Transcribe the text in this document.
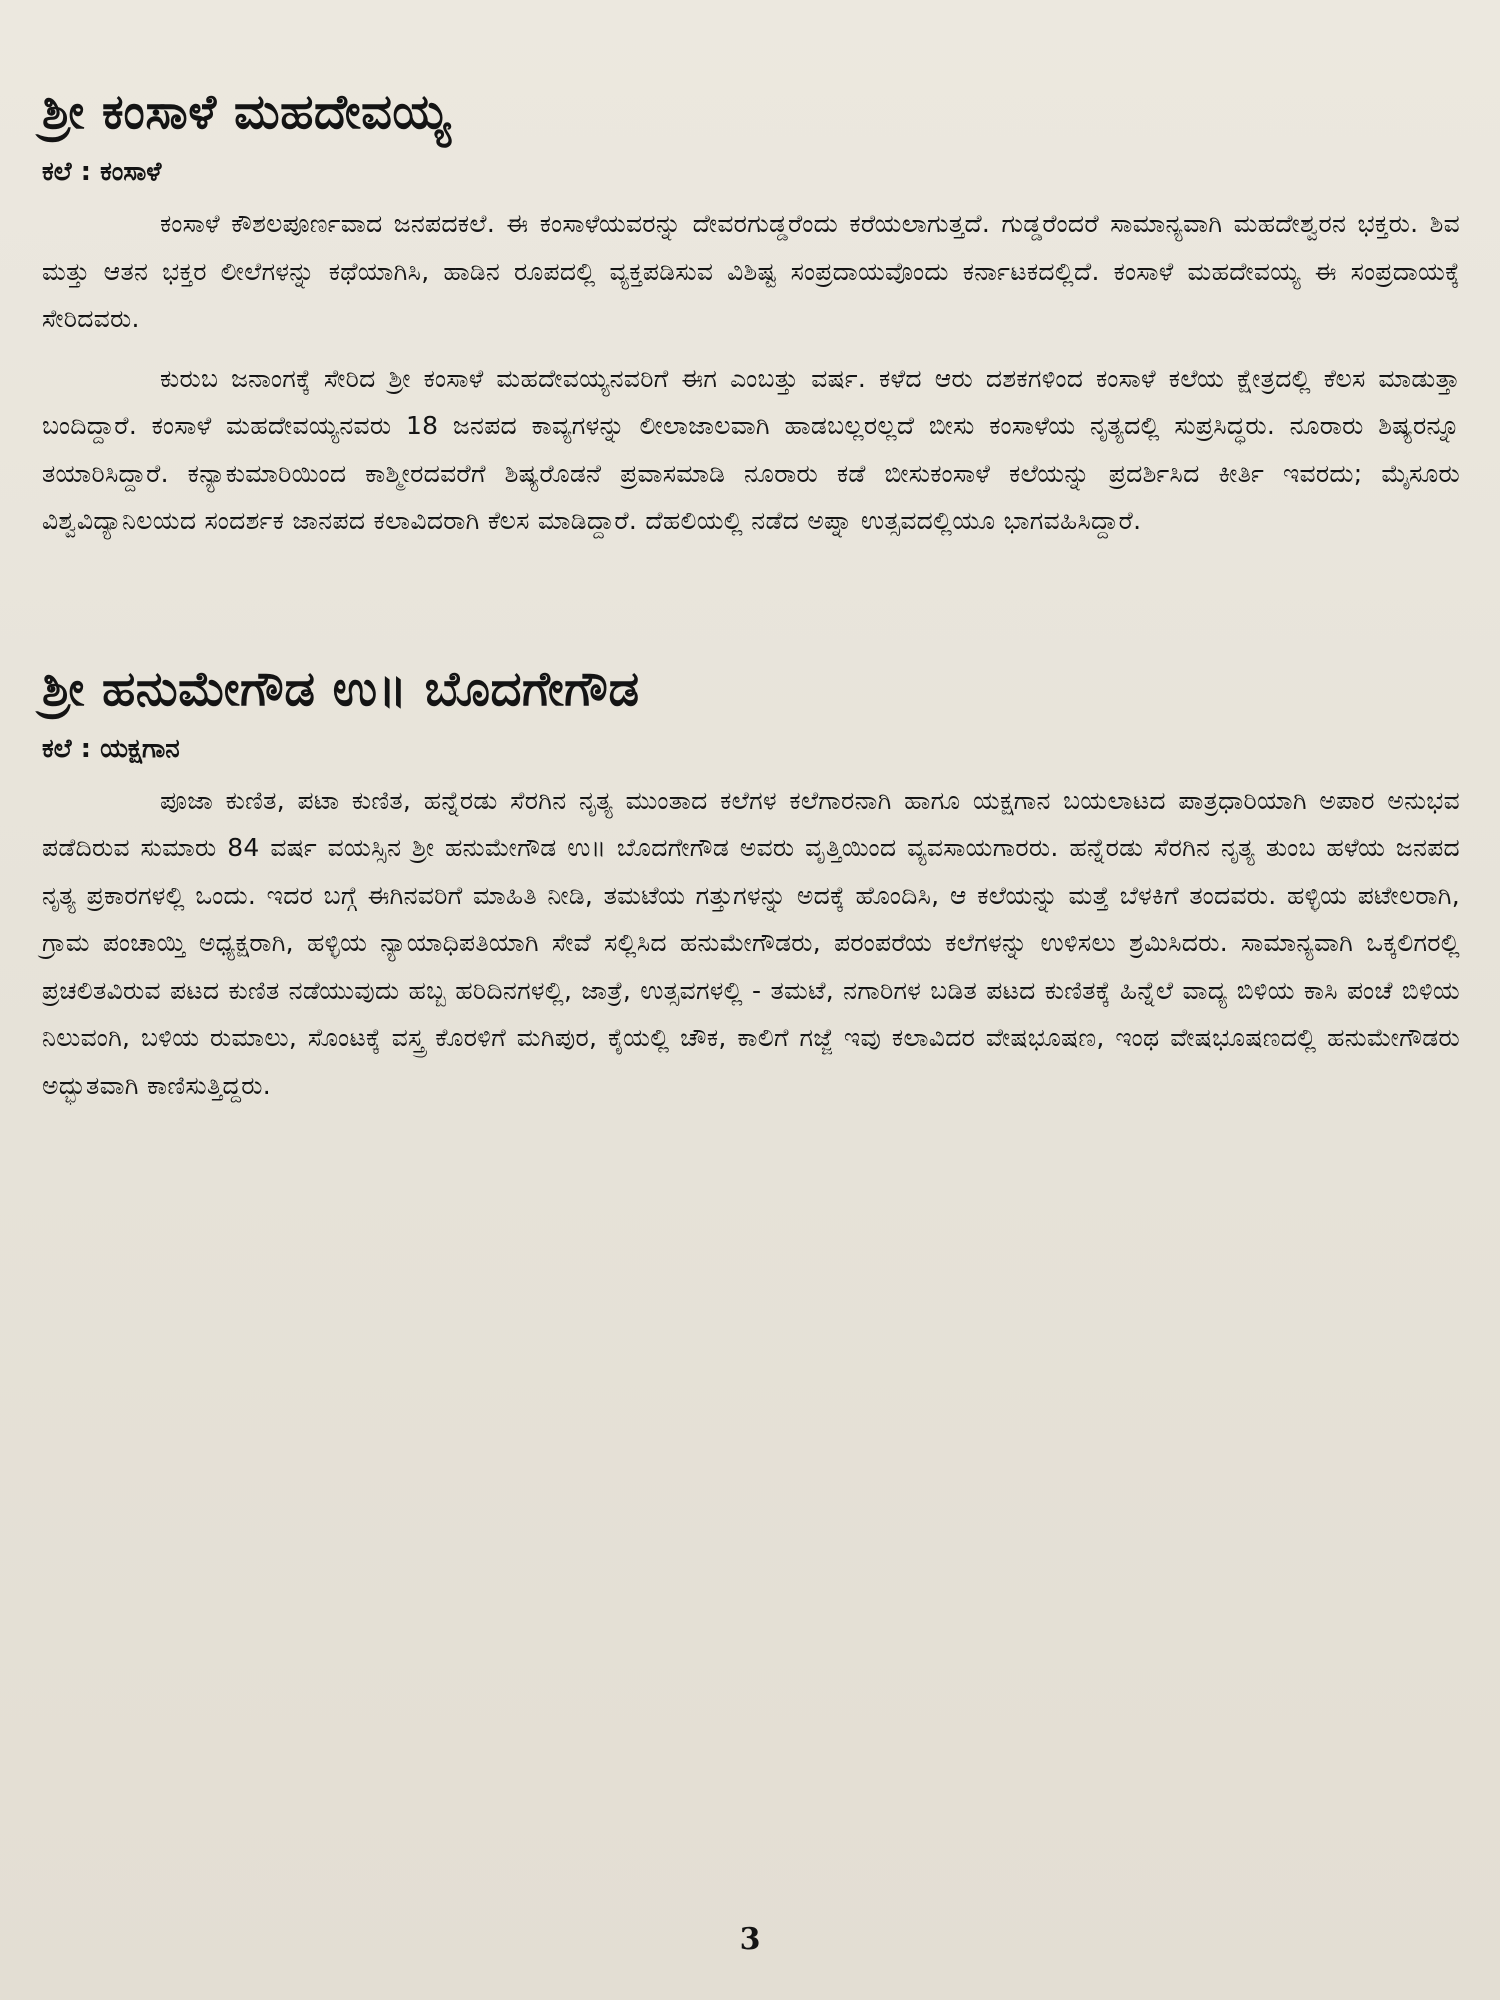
ಶ್ರೀ ಕಂಸಾಳೆ ಮಹದೇವಯ್ಯ
ಕಲೆ : ಕಂಸಾಳೆ

ಕಂಸಾಳೆ ಕೌಶಲಪೂರ್ಣವಾದ ಜನಪದಕಲೆ. ಈ ಕಂಸಾಳೆಯವರನ್ನು ದೇವರಗುಡ್ಡರೆಂದು ಕರೆಯಲಾಗುತ್ತದೆ. ಗುಡ್ಡರೆಂದರೆ ಸಾಮಾನ್ಯವಾಗಿ ಮಹದೇಶ್ವರನ ಭಕ್ತರು. ಶಿವ ಮತ್ತು ಆತನ ಭಕ್ತರ ಲೀಲೆಗಳನ್ನು ಕಥೆಯಾಗಿಸಿ, ಹಾಡಿನ ರೂಪದಲ್ಲಿ ವ್ಯಕ್ತಪಡಿಸುವ ವಿಶಿಷ್ಟ ಸಂಪ್ರದಾಯವೊಂದು ಕರ್ನಾಟಕದಲ್ಲಿದೆ. ಕಂಸಾಳೆ ಮಹದೇವಯ್ಯ ಈ ಸಂಪ್ರದಾಯಕ್ಕೆ ಸೇರಿದವರು.

ಕುರುಬ ಜನಾಂಗಕ್ಕೆ ಸೇರಿದ ಶ್ರೀ ಕಂಸಾಳೆ ಮಹದೇವಯ್ಯನವರಿಗೆ ಈಗ ಎಂಬತ್ತು ವರ್ಷ. ಕಳೆದ ಆರು ದಶಕಗಳಿಂದ ಕಂಸಾಳೆ ಕಲೆಯ ಕ್ಷೇತ್ರದಲ್ಲಿ ಕೆಲಸ ಮಾಡುತ್ತಾ ಬಂದಿದ್ದಾರೆ. ಕಂಸಾಳೆ ಮಹದೇವಯ್ಯನವರು 18 ಜನಪದ ಕಾವ್ಯಗಳನ್ನು ಲೀಲಾಜಾಲವಾಗಿ ಹಾಡಬಲ್ಲರಲ್ಲದೆ ಬೀಸು ಕಂಸಾಳೆಯ ನೃತ್ಯದಲ್ಲಿ ಸುಪ್ರಸಿದ್ಧರು. ನೂರಾರು ಶಿಷ್ಯರನ್ನೂ ತಯಾರಿಸಿದ್ದಾರೆ. ಕನ್ಯಾಕುಮಾರಿಯಿಂದ ಕಾಶ್ಮೀರದವರೆಗೆ ಶಿಷ್ಯರೊಡನೆ ಪ್ರವಾಸಮಾಡಿ ನೂರಾರು ಕಡೆ ಬೀಸುಕಂಸಾಳೆ ಕಲೆಯನ್ನು ಪ್ರದರ್ಶಿಸಿದ ಕೀರ್ತಿ ಇವರದು; ಮೈಸೂರು ವಿಶ್ವವಿದ್ಯಾನಿಲಯದ ಸಂದರ್ಶಕ ಜಾನಪದ ಕಲಾವಿದರಾಗಿ ಕೆಲಸ ಮಾಡಿದ್ದಾರೆ. ದೆಹಲಿಯಲ್ಲಿ ನಡೆದ ಅಪ್ನಾ ಉತ್ಸವದಲ್ಲಿಯೂ ಭಾಗವಹಿಸಿದ್ದಾರೆ.

ಶ್ರೀ ಹನುಮೇಗೌಡ ಉ॥ ಬೊದಗೇಗೌಡ
ಕಲೆ : ಯಕ್ಷಗಾನ

ಪೂಜಾ ಕುಣಿತ, ಪಟಾ ಕುಣಿತ, ಹನ್ನೆರಡು ಸೆರಗಿನ ನೃತ್ಯ ಮುಂತಾದ ಕಲೆಗಳ ಕಲೆಗಾರನಾಗಿ ಹಾಗೂ ಯಕ್ಷಗಾನ ಬಯಲಾಟದ ಪಾತ್ರಧಾರಿಯಾಗಿ ಅಪಾರ ಅನುಭವ ಪಡೆದಿರುವ ಸುಮಾರು 84 ವರ್ಷ ವಯಸ್ಸಿನ ಶ್ರೀ ಹನುಮೇಗೌಡ ಉ॥ ಬೊದಗೇಗೌಡ ಅವರು ವೃತ್ತಿಯಿಂದ ವ್ಯವಸಾಯಗಾರರು. ಹನ್ನೆರಡು ಸೆರಗಿನ ನೃತ್ಯ ತುಂಬ ಹಳೆಯ ಜನಪದ ನೃತ್ಯ ಪ್ರಕಾರಗಳಲ್ಲಿ ಒಂದು. ಇದರ ಬಗ್ಗೆ ಈಗಿನವರಿಗೆ ಮಾಹಿತಿ ನೀಡಿ, ತಮಟೆಯ ಗತ್ತುಗಳನ್ನು ಅದಕ್ಕೆ ಹೊಂದಿಸಿ, ಆ ಕಲೆಯನ್ನು ಮತ್ತೆ ಬೆಳಕಿಗೆ ತಂದವರು. ಹಳ್ಳಿಯ ಪಟೇಲರಾಗಿ, ಗ್ರಾಮ ಪಂಚಾಯ್ತಿ ಅಧ್ಯಕ್ಷರಾಗಿ, ಹಳ್ಳಿಯ ನ್ಯಾಯಾಧಿಪತಿಯಾಗಿ ಸೇವೆ ಸಲ್ಲಿಸಿದ ಹನುಮೇಗೌಡರು, ಪರಂಪರೆಯ ಕಲೆಗಳನ್ನು ಉಳಿಸಲು ಶ್ರಮಿಸಿದರು. ಸಾಮಾನ್ಯವಾಗಿ ಒಕ್ಕಲಿಗರಲ್ಲಿ ಪ್ರಚಲಿತವಿರುವ ಪಟದ ಕುಣಿತ ನಡೆಯುವುದು ಹಬ್ಬ ಹರಿದಿನಗಳಲ್ಲಿ, ಜಾತ್ರೆ, ಉತ್ಸವಗಳಲ್ಲಿ - ತಮಟೆ, ನಗಾರಿಗಳ ಬಡಿತ ಪಟದ ಕುಣಿತಕ್ಕೆ ಹಿನ್ನೆಲೆ ವಾದ್ಯ ಬಿಳಿಯ ಕಾಸಿ ಪಂಚೆ ಬಿಳಿಯ ನಿಲುವಂಗಿ, ಬಳಿಯ ರುಮಾಲು, ಸೊಂಟಕ್ಕೆ ವಸ್ತ್ರ ಕೊರಳಿಗೆ ಮಗಿಪುರ, ಕೈಯಲ್ಲಿ ಚೌಕ, ಕಾಲಿಗೆ ಗಜ್ಜೆ ಇವು ಕಲಾವಿದರ ವೇಷಭೂಷಣ, ಇಂಥ ವೇಷಭೂಷಣದಲ್ಲಿ ಹನುಮೇಗೌಡರು ಅದ್ಭುತವಾಗಿ ಕಾಣಿಸುತ್ತಿದ್ದರು.

3
